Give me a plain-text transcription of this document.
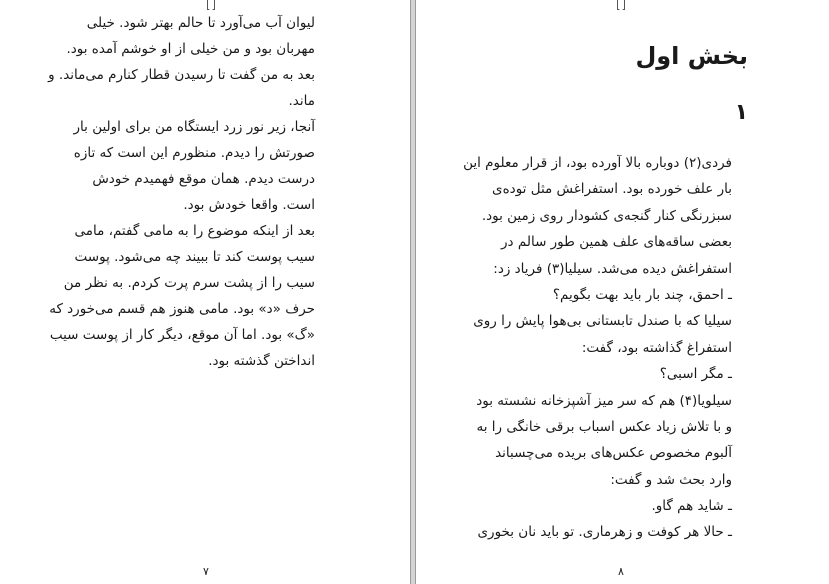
لیوان آب می‌آورد تا حالم بهتر شود. خیلی
مهربان بود و من خیلی از او خوشم آمده بود.
بعد به من گفت تا رسیدن قطار کنارم می‌ماند. و
ماند.
آنجا، زیر نور زرد ایستگاه من برای اولین بار
صورتش را دیدم. منظورم این است که تازه
درست دیدم. همان موقع فهمیدم خودش
است. واقعا خودش بود.
بعد از اینکه موضوع را به مامی گفتم، مامی
سیب پوست کند تا ببیند چه می‌شود. پوست
سیب را از پشت سرم پرت کردم. به نظر من
حرف «د» بود. مامی هنوز هم قسم می‌خورد که
«گ» بود. اما آن موقع، دیگر کار از پوست سیب
انداختن گذشته بود.
۷
بخش اول
۱
فردی(۲) دوباره بالا آورده بود، از قرار معلوم این
بار علف خورده بود. استفراغش مثل توده‌ی
سبزرنگی کنار گنجه‌ی کشودار روی زمین بود.
بعضی ساقه‌های علف همین طور سالم در
استفراغش دیده می‌شد. سیلیا(۳) فریاد زد:
ـ احمق، چند بار باید بهت بگویم؟
سیلیا که با صندل تابستانی بی‌هوا پایش را روی
استفراغ گذاشته بود، گفت:
ـ مگر اسبی؟
سیلویا(۴) هم که سر میز آشپزخانه نشسته بود
و با تلاش زیاد عکس اسباب برقی خانگی را به
آلبوم مخصوص عکس‌های بریده می‌چسباند
وارد بحث شد و گفت:
ـ شاید هم گاو.
ـ حالا هر کوفت و زهرماری. تو باید نان بخوری
۸
